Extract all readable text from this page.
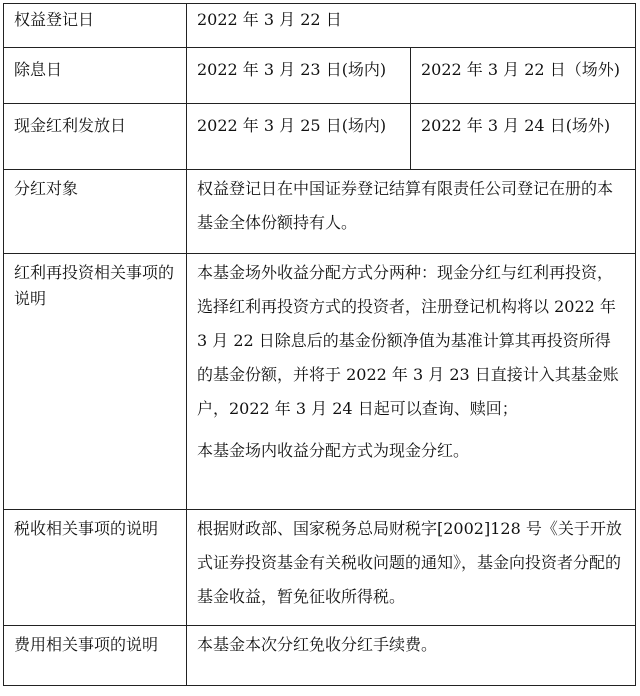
权益登记日	2022 年 3 月 22 日	

除息日	2022 年 3 月 23 日(场内)	2022 年 3 月 22 日（场外)

现金红利发放日	2022 年 3 月 25 日(场内)	2022 年 3 月 24 日(场外)

分红对象	权益登记日在中国证券登记结算有限责任公司登记在册的本基金全体份额持有人。	

红利再投资相关事项的说明	本基金场外收益分配方式分两种：现金分红与红利再投资，选择红利再投资方式的投资者，注册登记机构将以 2022 年 3 月 22 日除息后的基金份额净值为基准计算其再投资所得的基金份额，并将于 2022 年 3 月 23 日直接计入其基金账户，2022 年 3 月 24 日起可以查询、赎回；
本基金场内收益分配方式为现金分红。	

税收相关事项的说明	根据财政部、国家税务总局财税字[2002]128 号《关于开放式证券投资基金有关税收问题的通知》，基金向投资者分配的基金收益，暂免征收所得税。	

费用相关事项的说明	本基金本次分红免收分红手续费。	
